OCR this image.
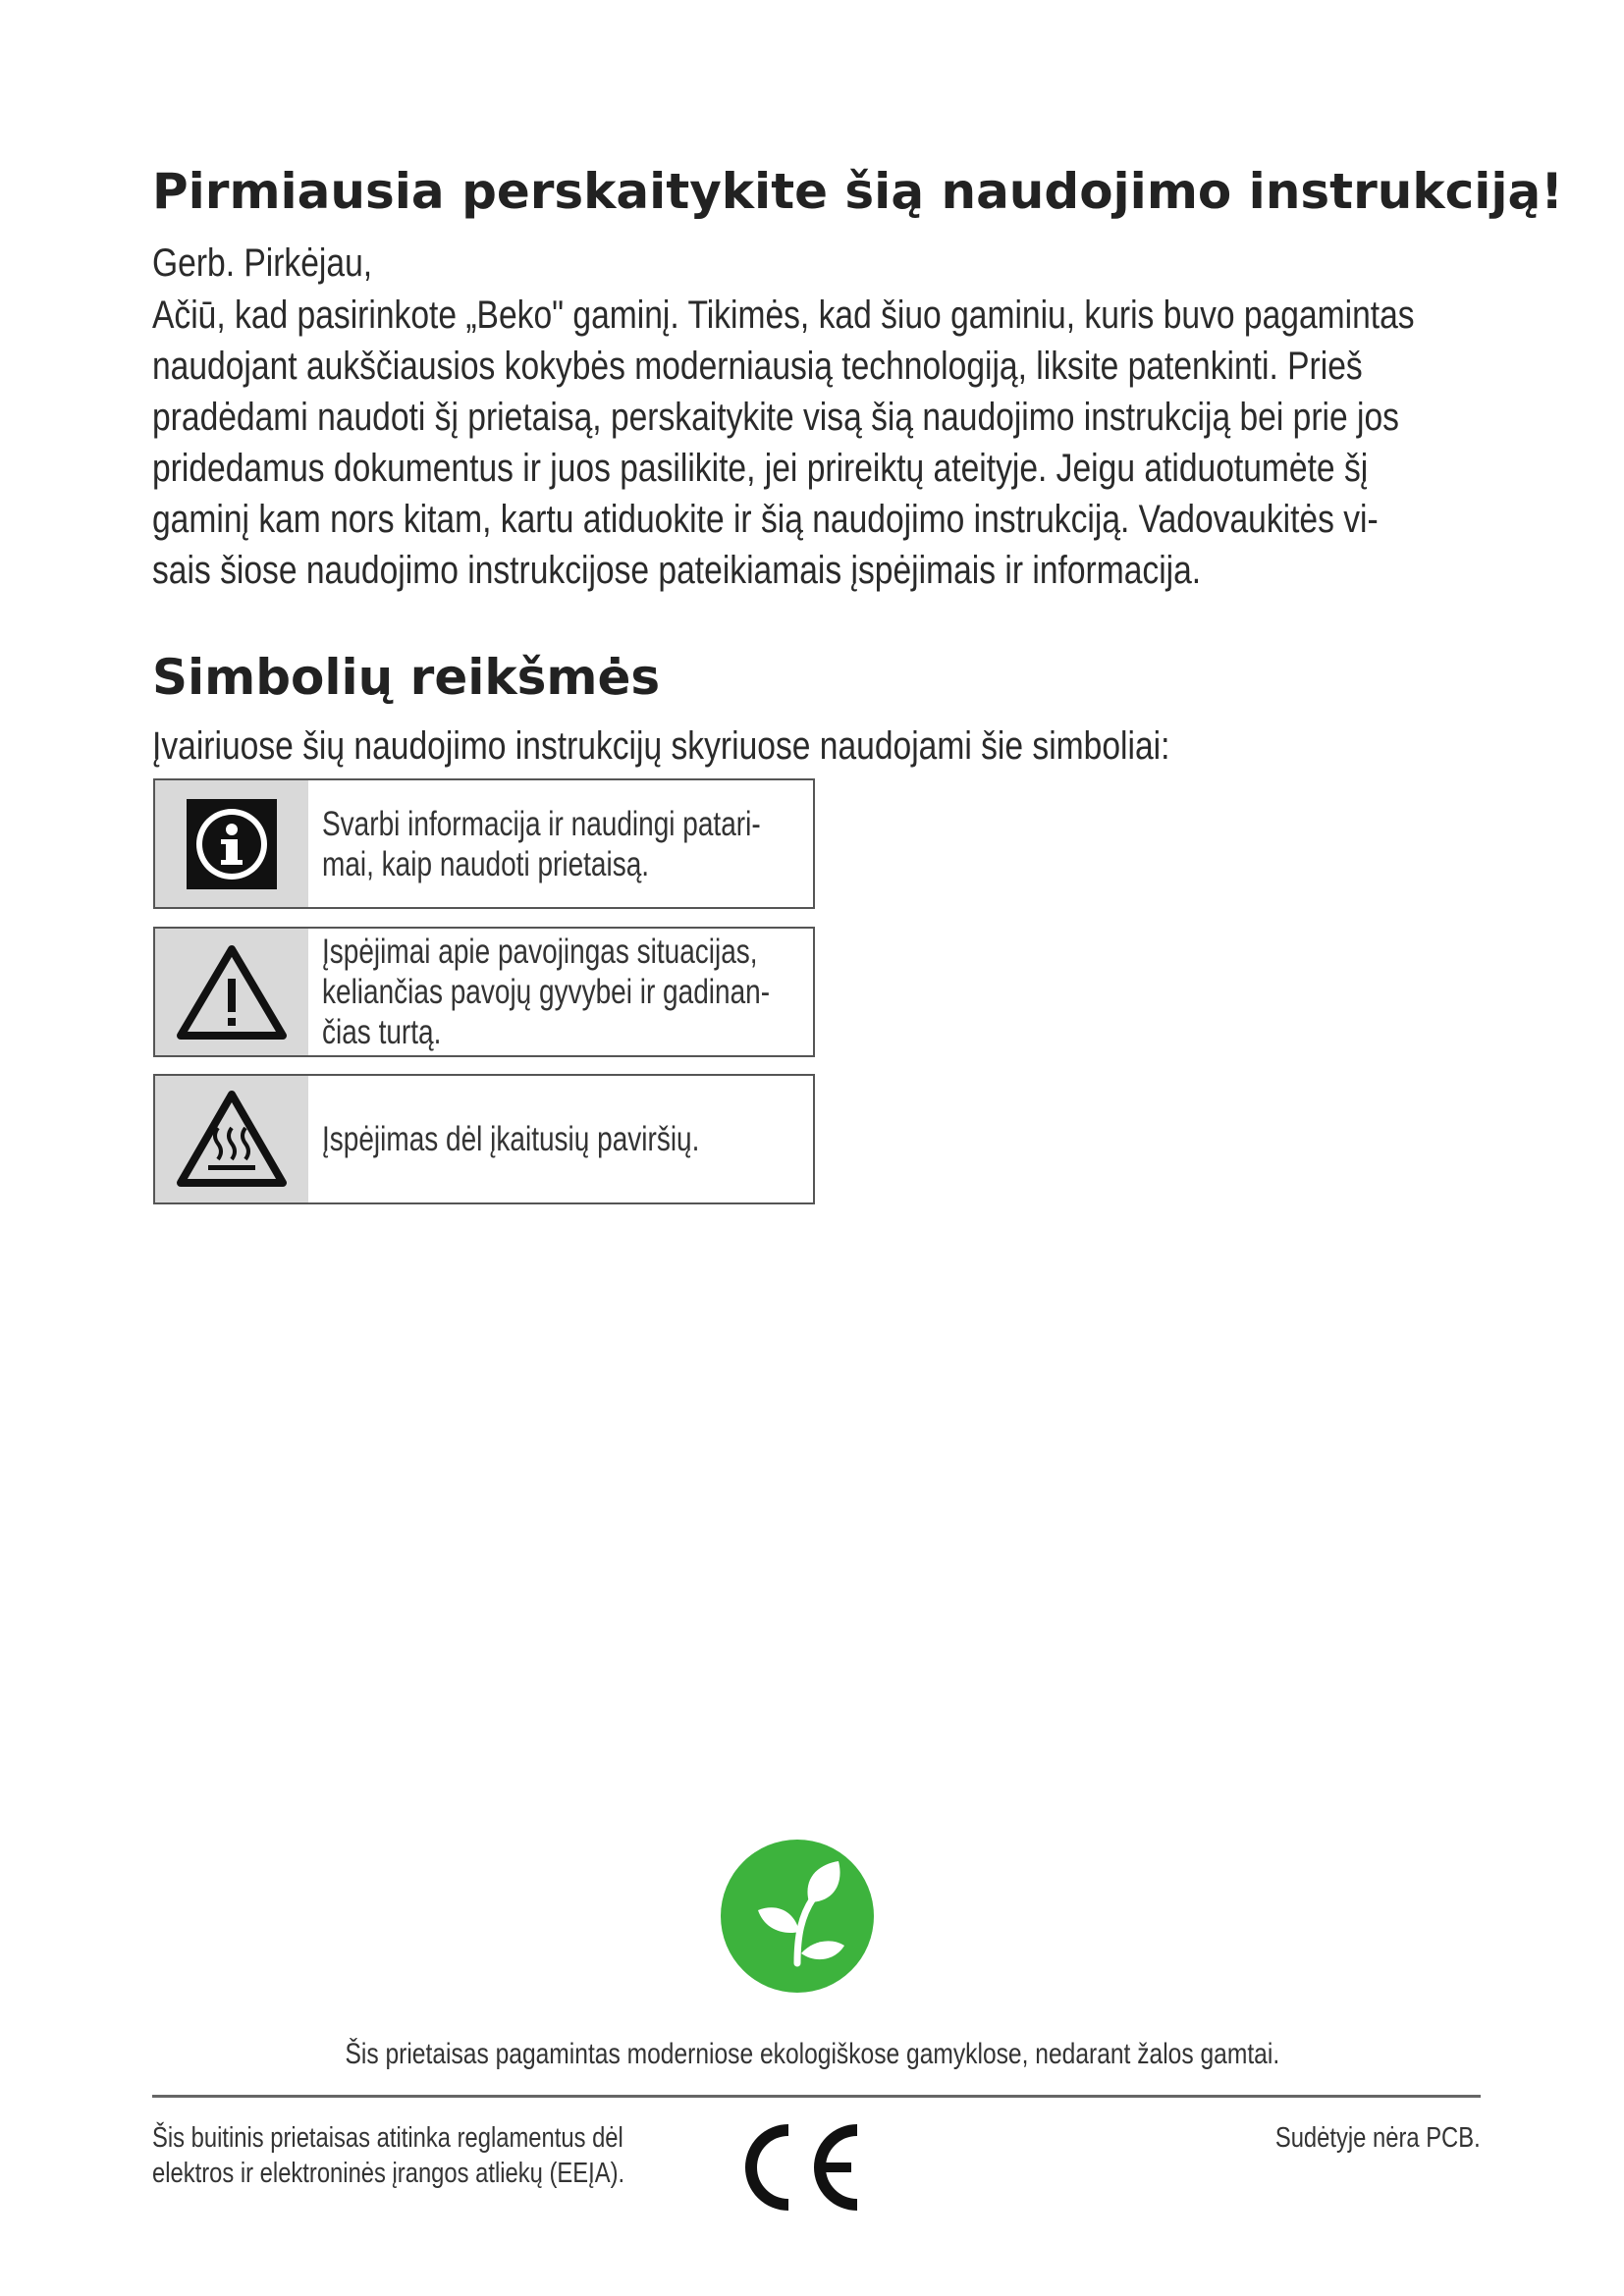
Pirmiausia perskaitykite šią naudojimo instrukciją!
Gerb. Pirkėjau,
Ačiū, kad pasirinkote „Beko" gaminį. Tikimės, kad šiuo gaminiu, kuris buvo pagamintas
naudojant aukščiausios kokybės moderniausią technologiją, liksite patenkinti. Prieš
pradėdami naudoti šį prietaisą, perskaitykite visą šią naudojimo instrukciją bei prie jos
pridedamus dokumentus ir juos pasilikite, jei prireiktų ateityje. Jeigu atiduotumėte šį
gaminį kam nors kitam, kartu atiduokite ir šią naudojimo instrukciją. Vadovaukitės vi-
sais šiose naudojimo instrukcijose pateikiamais įspėjimais ir informacija.
Simbolių reikšmės
Įvairiuose šių naudojimo instrukcijų skyriuose naudojami šie simboliai:
Svarbi informacija ir naudingi patari-
mai, kaip naudoti prietaisą.
Įspėjimai apie pavojingas situacijas,
keliančias pavojų gyvybei ir gadinan-
čias turtą.
Įspėjimas dėl įkaitusių paviršių.
Šis prietaisas pagamintas moderniose ekologiškose gamyklose, nedarant žalos gamtai.
Šis buitinis prietaisas atitinka reglamentus dėl
elektros ir elektroninės įrangos atliekų (EEĮA).
Sudėtyje nėra PCB.
